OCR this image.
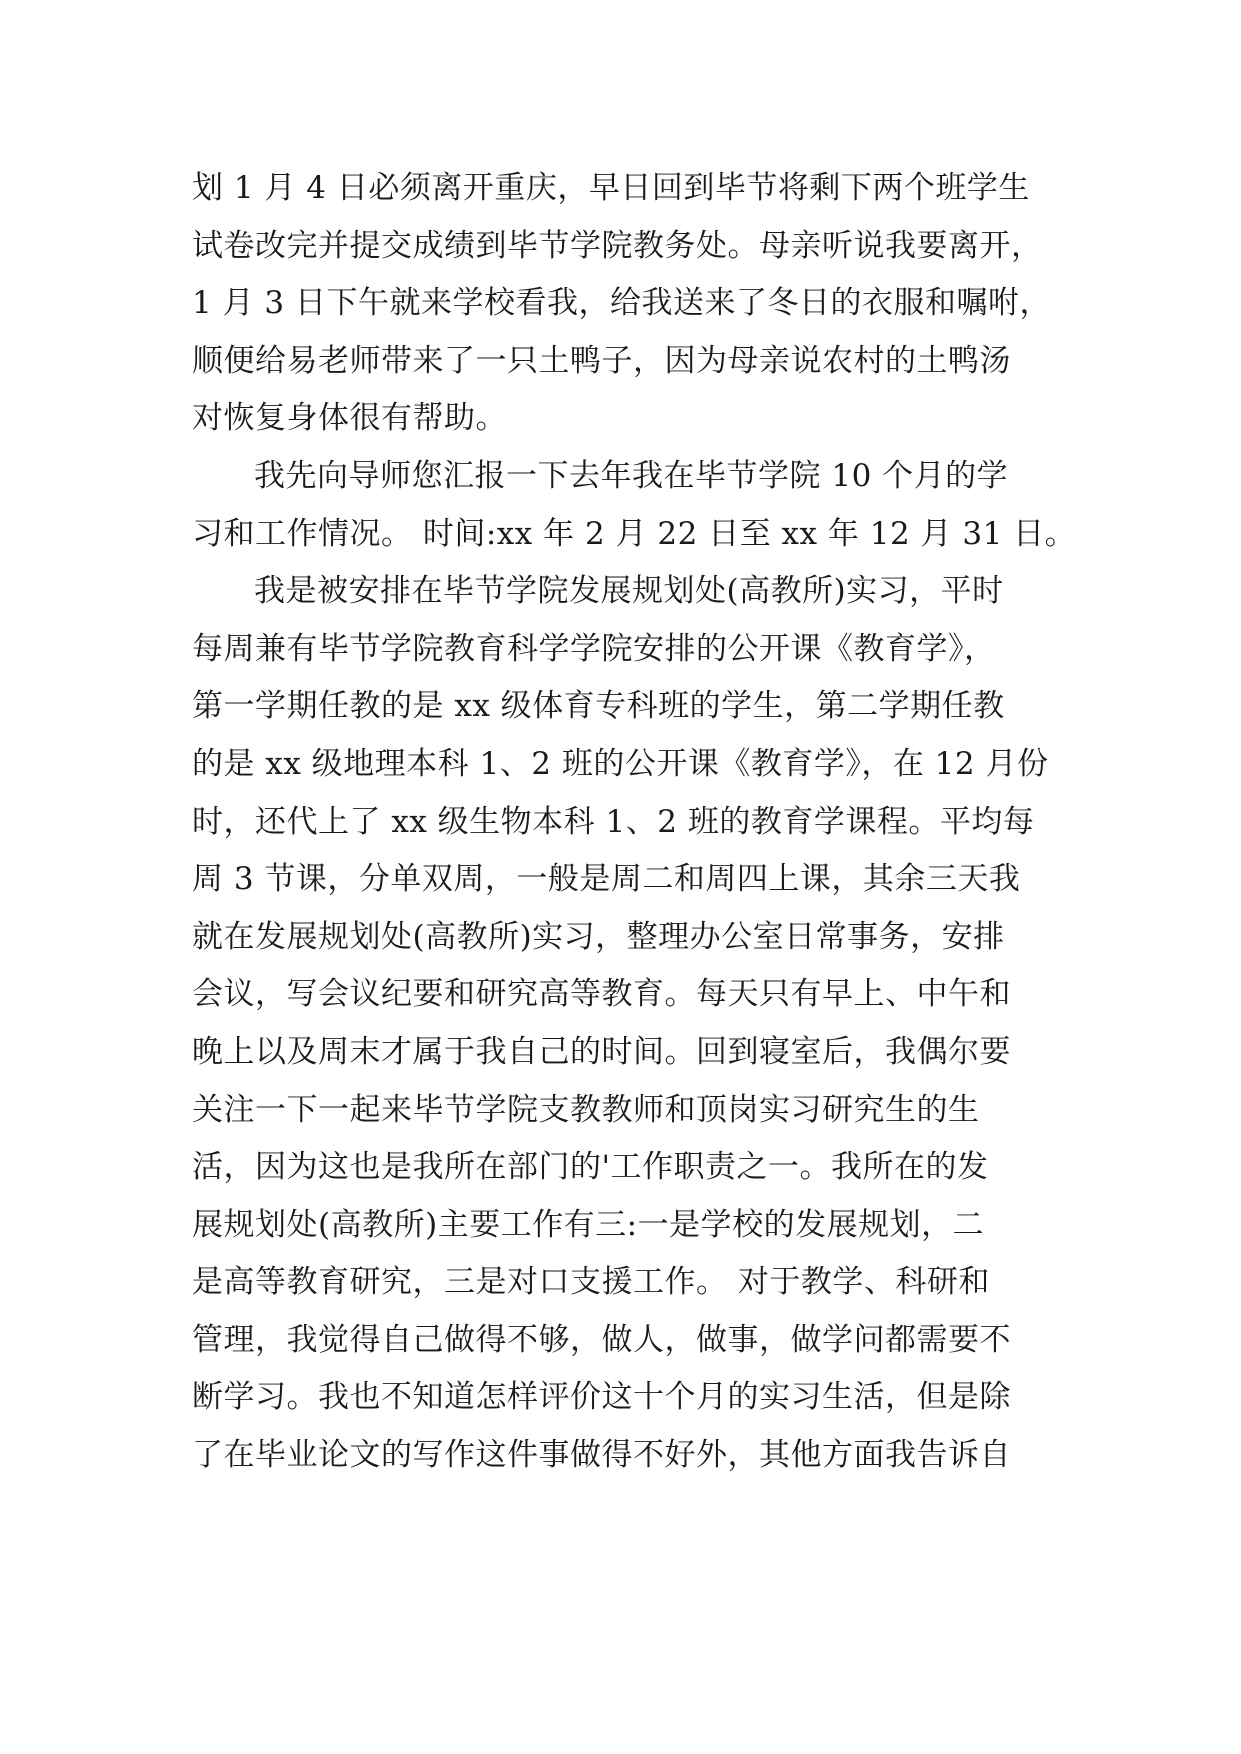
划 1 月 4 日必须离开重庆，早日回到毕节将剩下两个班学生
试卷改完并提交成绩到毕节学院教务处。母亲听说我要离开，
1 月 3 日下午就来学校看我，给我送来了冬日的衣服和嘱咐，
顺便给易老师带来了一只土鸭子，因为母亲说农村的土鸭汤
对恢复身体很有帮助。
我先向导师您汇报一下去年我在毕节学院 10 个月的学
习和工作情况。 时间:xx 年 2 月 22 日至 xx 年 12 月 31 日。
我是被安排在毕节学院发展规划处(高教所)实习，平时
每周兼有毕节学院教育科学学院安排的公开课《教育学》，
第一学期任教的是 xx 级体育专科班的学生，第二学期任教
的是 xx 级地理本科 1、2 班的公开课《教育学》，在 12 月份
时，还代上了 xx 级生物本科 1、2 班的教育学课程。平均每
周 3 节课，分单双周，一般是周二和周四上课，其余三天我
就在发展规划处(高教所)实习，整理办公室日常事务，安排
会议，写会议纪要和研究高等教育。每天只有早上、中午和
晚上以及周末才属于我自己的时间。回到寝室后，我偶尔要
关注一下一起来毕节学院支教教师和顶岗实习研究生的生
活，因为这也是我所在部门的'工作职责之一。我所在的发
展规划处(高教所)主要工作有三:一是学校的发展规划，二
是高等教育研究，三是对口支援工作。 对于教学、科研和
管理，我觉得自己做得不够，做人，做事，做学问都需要不
断学习。我也不知道怎样评价这十个月的实习生活，但是除
了在毕业论文的写作这件事做得不好外，其他方面我告诉自
